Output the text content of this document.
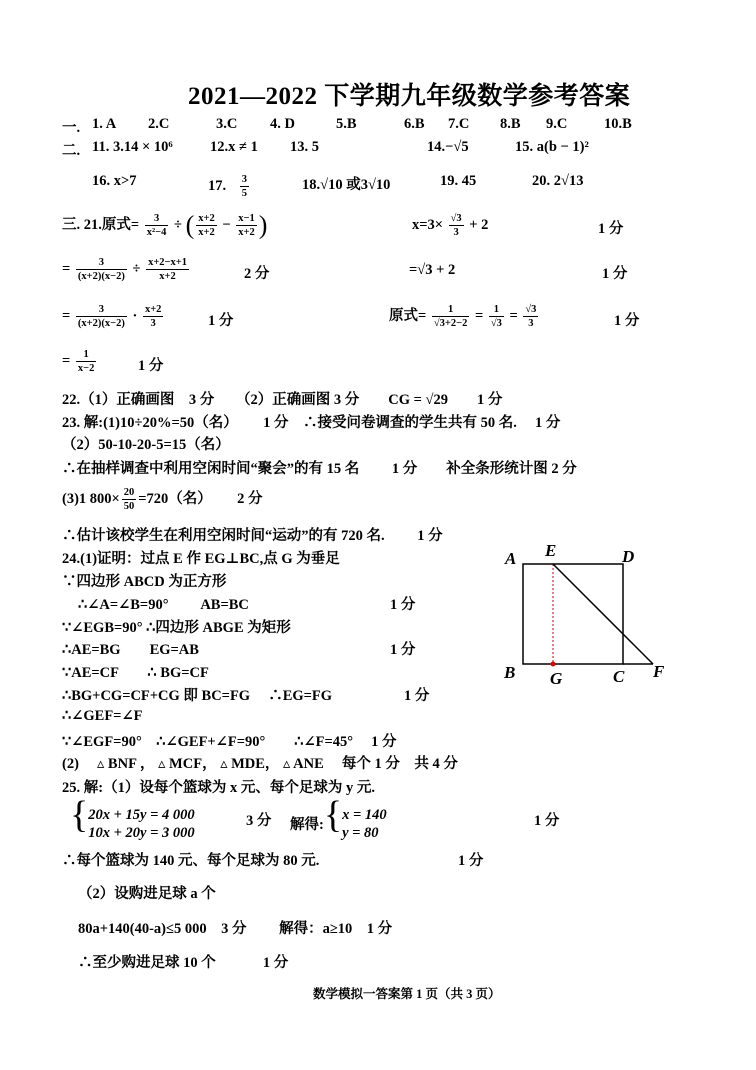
2021—2022 下学期九年级数学参考答案
一. 1. A 2.C	3.C 4. D	5.B	6.B 7.C 8.B 9.C	10.B
二. 11. 3.14 × 10⁶	12.x ≠ 1 13. 5	14.−√5	15. a(b − 1)²
16. x>7	17. $\frac{3}{5}$	18.√10 或3√10	19. 45	20. 2√13
三. 21.原式= $\frac{3}{\text{x²−4}}$ ÷ ( $\frac{x+2}{x+2} - \frac{x-1}{x+2}$ )
= $\frac{3}{(x+2)(x-2)} \div \frac{x+2-x+1}{x+2}$	2 分
= $\frac{3}{(x+2)(x-2)} \cdot \frac{x+2}{3}$	1 分
= $\frac{1}{x-2}$	1 分
$x=3\times \frac{√3}{3} + 2$	1 分
=√3 + 2	1 分
原式= $\frac{1}{√3+2-2} = \frac{1}{√3} = \frac{√3}{3}$	1 分
22.（1）正确画图　3 分　　（2）正确画图 3 分　　CG = √29　　1 分
23. 解:(1)10÷20%=50（名）　　 1 分　∴接受问卷调查的学生共有 50 名.　 1 分
（2）50-10-20-5=15（名）
∴在抽样调查中利用空闲时间“聚会”的有 15 名　　 1 分　　补全条形统计图 2 分
(3)1 $800\times \frac{20}{50} =720$（名）　　 2 分
∴估计该校学生在利用空闲时间“运动”的有 720 名.　　 1 分
24.(1)证明：过点 E 作 EG⊥BC,点 G 为垂足
∵四边形 ABCD 为正方形
∴∠A=∠B=90°　　 AB=BC	1 分
∵∠EGB=90° ∴四边形 ABGE 为矩形
∴AE=BG　　EG=AB	1 分
∵AE=CF　　∴ BG=CF
∴BG+CG=CF+CG 即 BC=FG　 ∴EG=FG	1 分
∴∠GEF=∠F
∵∠EGF=90°　∴∠GEF+∠F=90°　　∴∠F=45°　 1 分
(2)　 ▵ BNF ， ▵ MCF， ▵ MDE， ▵ ANE　 每个 1 分　共 4 分
A E	D
B G	C F
25. 解:（1）设每个篮球为 x 元、每个足球为 y 元.
{ 20x + 15y = 4 000
10x + 20y = 3 000
3 分 解得:{ x = 140
y = 80
1 分
∴每个篮球为 140 元、每个足球为 80 元.	1 分
（2）设购进足球 a 个
80a+140(40-a)≤5 000　3 分　　 解得：a≥10　1 分
∴至少购进足球 10 个　　　 1 分
数学模拟一答案第 1 页（共 3 页）
